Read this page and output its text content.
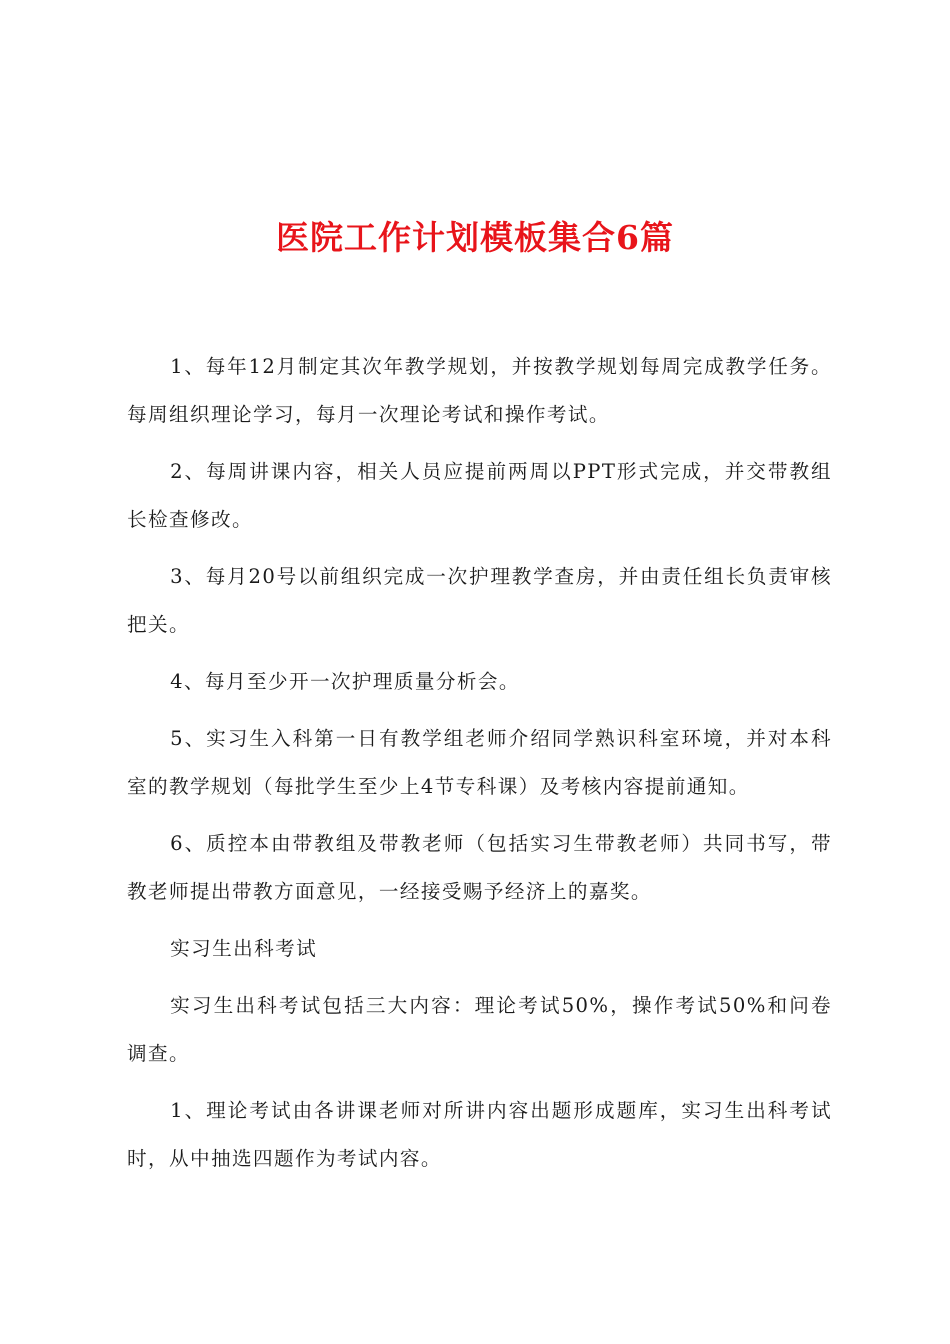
医院工作计划模板集合6篇

1、每年12月制定其次年教学规划，并按教学规划每周完成教学任务。每周组织理论学习，每月一次理论考试和操作考试。

2、每周讲课内容，相关人员应提前两周以PPT形式完成，并交带教组长检查修改。

3、每月20号以前组织完成一次护理教学查房，并由责任组长负责审核把关。

4、每月至少开一次护理质量分析会。

5、实习生入科第一日有教学组老师介绍同学熟识科室环境，并对本科室的教学规划（每批学生至少上4节专科课）及考核内容提前通知。

6、质控本由带教组及带教老师（包括实习生带教老师）共同书写，带教老师提出带教方面意见，一经接受赐予经济上的嘉奖。

实习生出科考试

实习生出科考试包括三大内容：理论考试50%，操作考试50%和问卷调查。

1、理论考试由各讲课老师对所讲内容出题形成题库，实习生出科考试时，从中抽选四题作为考试内容。
